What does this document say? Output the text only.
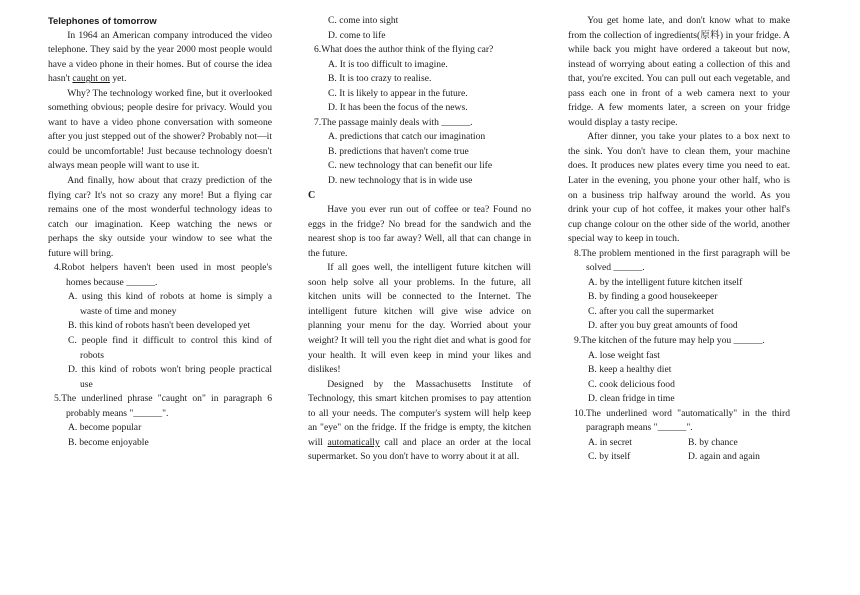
Telephones of tomorrow

In 1964 an American company introduced the video telephone. They said by the year 2000 most people would have a video phone in their homes. But of course the idea hasn't caught on yet.

Why? The technology worked fine, but it overlooked something obvious; people desire for privacy. Would you want to have a video phone conversation with someone after you just stepped out of the shower? Probably not—it could be uncomfortable! Just because technology doesn't always mean people will want to use it.

And finally, how about that crazy prediction of the flying car? It's not so crazy any more! But a flying car remains one of the most wonderful technology ideas to catch our imagination. Keep watching the news or perhaps the sky outside your window to see what the future will bring.

4.Robot helpers haven't been used in most people's homes because ______.

A. using this kind of robots at home is simply a waste of time and money

B. this kind of robots hasn't been developed yet

C. people find it difficult to control this kind of robots

D. this kind of robots won't bring people practical use

5.The underlined phrase "caught on" in paragraph 6 probably means "______".

A. become popular

B. become enjoyable

C. come into sight

D. come to life

6.What does the author think of the flying car?

A. It is too difficult to imagine.

B. It is too crazy to realise.

C. It is likely to appear in the future.

D. It has been the focus of the news.

7.The passage mainly deals with ______.

A. predictions that catch our imagination

B. predictions that haven't come true

C. new technology that can benefit our life

D. new technology that is in wide use

C

Have you ever run out of coffee or tea? Found no eggs in the fridge? No bread for the sandwich and the nearest shop is too far away? Well, all that can change in the future.

If all goes well, the intelligent future kitchen will soon help solve all your problems. In the future, all kitchen units will be connected to the Internet. The intelligent future kitchen will give wise advice on planning your menu for the day. Worried about your weight? It will tell you the right diet and what is good for your health. It will even keep in mind your likes and dislikes!

Designed by the Massachusetts Institute of Technology, this smart kitchen promises to pay attention to all your needs. The computer's system will help keep an "eye" on the fridge. If the fridge is empty, the kitchen will automatically call and place an order at the local supermarket. So you don't have to worry about it at all.

You get home late, and don't know what to make from the collection of ingredients(原料) in your fridge. A while back you might have ordered a takeout but now, instead of worrying about eating a collection of this and that, you're excited. You can pull out each vegetable, and pass each one in front of a web camera next to your fridge. A few moments later, a screen on your fridge would display a tasty recipe.

After dinner, you take your plates to a box next to the sink. You don't have to clean them, your machine does. It produces new plates every time you need to eat. Later in the evening, you phone your other half, who is on a business trip halfway around the world. As you drink your cup of hot coffee, it makes your other half's cup change colour on the other side of the world, another special way to keep in touch.

8.The problem mentioned in the first paragraph will be solved ______.

A. by the intelligent future kitchen itself

B. by finding a good housekeeper

C. after you call the supermarket

D. after you buy great amounts of food

9.The kitchen of the future may help you ______.

A. lose weight fast

B. keep a healthy diet

C. cook delicious food

D. clean fridge in time

10.The underlined word "automatically" in the third paragraph means "______".

A. in secret	B. by chance
C. by itself	D. again and again
